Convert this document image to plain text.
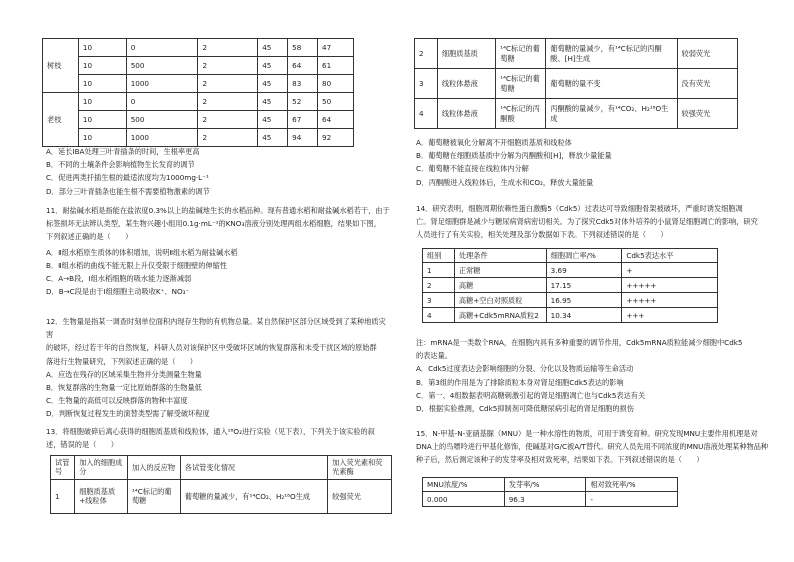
树枝	10	0	2	45	58	47
	10	500	2	45	64	61
	10	1000	2	45	83	80
老枝	10	0	2	45	52	50
	10	500	2	45	67	64
	10	1000	2	45	94	92

A．延长IBA处理三叶青插条的时间，生根率更高

B．不同的土壤条件会影响植物生长发育的调节

C．促进两类扦插生根的最适浓度均为1000mg·L⁻¹

D．部分三叶青插条也能生根不需要植物激素的调节

11．耐盐碱水稻是指能在盐浓度0.3%以上的盐碱地生长的水稻品种。现有普通水稻和耐盐碱水稻若干，由于

标签损坏无法辨认类型，某生物兴趣小组用0.1g·mL⁻¹的KNO₃溶液分别处理两组水稻细胞，结果如下图，

下列叙述正确的是（　　）

A．Ⅱ组水稻原生质体的体积增加，说明Ⅱ组水稻为耐盐碱水稻

B．Ⅱ组水稻的曲线不能无限上升仅受限于细胞壁的伸缩性

C．A→B段，Ⅰ组水稻细胞的吸水能力逐渐减弱

D．B→C段是由于Ⅰ组细胞主动吸收K⁺、NO₃⁻

12．生物量是指某一调查时刻单位面积内现存生物的有机物总量。某自然保护区部分区域受到了某种地质灾害

的破坏，经过若干年的自然恢复，科研人员对该保护区中受破坏区域的恢复群落和未受干扰区域的原始群

落进行生物量研究，下列叙述正确的是（　　）

A．应选在残存的区域采集生物并分类测量生物量

B．恢复群落的生物量一定比原始群落的生物量低

C．生物量的高低可以反映群落的物种丰富度

D．判断恢复过程发生的演替类型需了解受破坏程度

13．将细胞破碎后离心获得的细胞质基质和线粒体，通入¹⁸O₂进行实验（见下表），下列关于该实验的叙

述，错误的是（　　）

试管号	加入的细胞成分	加入的反应物	各试管变化情况	加入荧光素和荧光素酶
1	细胞质基质+线粒体	¹⁴C标记的葡萄糖	葡萄糖的量减少，有¹⁴CO₂、H₂¹⁸O生成	较强荧光
2	细胞质基质	¹⁴C标记的葡萄糖	葡萄糖的量减少，有¹⁴C标记的丙酮酸、[H]生成	较弱荧光
3	线粒体悬液	¹⁴C标记的葡萄糖	葡萄糖的量不变	没有荧光
4	线粒体悬液	¹⁴C标记的丙酮酸	丙酮酸的量减少，有¹⁴CO₂、H₂¹⁸O生成	较强荧光

A．葡萄糖被氧化分解离不开细胞质基质和线粒体

B．葡萄糖在细胞质基质中分解为丙酮酸和[H]，释放少量能量

C．葡萄糖不能直接在线粒体内分解

D．丙酮酸进入线粒体后，生成水和CO₂，释放大量能量

14．研究表明，细胞周期依赖性蛋白激酶5（Cdk5）过表达可导致细胞骨架被破坏，严重时诱发细胞凋

亡。肾足细胞群是减少与糖尿病肾病密切相关。为了探究Cdk5对体外培养的小鼠肾足细胞凋亡的影响，研究

人员进行了有关实验，相关处理及部分数据如下表。下列叙述错误的是（　　）

组别	处理条件	细胞凋亡率/%	Cdk5表达水平
1	正常糖	3.69	+
2	高糖	17.15	+++++
3	高糖+空白对照质粒	16.95	+++++
4	高糖+Cdk5mRNA质粒2	10.34	+++

注：mRNA是一类数个RNA，在细胞内具有多种重要的调节作用，Cdk5mRNA质粒能减少细胞中Cdk5

的表达量。

A．Cdk5过度表达会影响细胞的分裂、分化以及物质运输等生命活动

B．第3组的作用是为了排除质粒本身对肾足细胞Cdk5表达的影响

C．第一、4组数据表明高糖刺激引起的肾足细胞凋亡也与Cdk5表达有关

D．根据实验推测，Cdk5抑制剂可降低糖尿病引起的肾足细胞的损伤

15．N-甲基-N-亚硝基脲（MNU）是一种水溶性的物质，可用于诱变育种。研究发现MNU主要作用机理是对

DNA上的鸟嘌呤进行甲基化修饰，使碱基对G/C被A/T替代。研究人员先用不同浓度的MNU溶液处理某种物品种

种子后，然后测定该种子的发芽率及相对致死率，结果如下表。下列叙述错误的是（　　）

MNU浓度/%	发芽率/%	相对致死率/%
0.000	96.3	-
